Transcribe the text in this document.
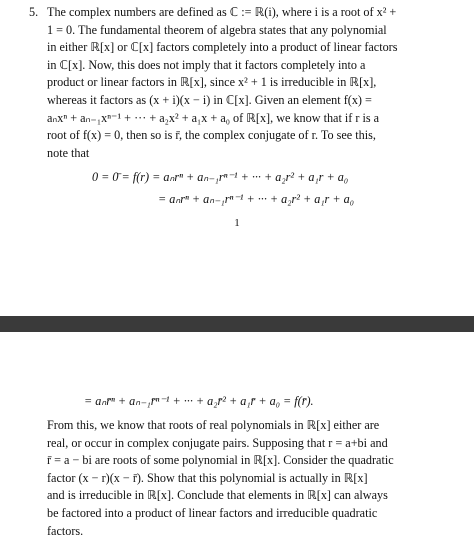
5. The complex numbers are defined as ℂ := ℝ(i), where i is a root of x² +
1 = 0. The fundamental theorem of algebra states that any polynomial
in either ℝ[x] or ℂ[x] factors completely into a product of linear factors
in ℂ[x]. Now, this does not imply that it factors completely into a
product or linear factors in ℝ[x], since x² + 1 is irreducible in ℝ[x],
whereas it factors as (x + i)(x − i) in ℂ[x]. Given an element f(x) =
aₙxⁿ + aₙ₋₁xⁿ⁻¹ + ··· + a₂x² + a₁x + a₀ of ℝ[x], we know that if r is a
root of f(x) = 0, then so is r̄, the complex conjugate of r. To see this,
note that
0 = 0̄ = f(r) = aₙrⁿ + aₙ₋₁rⁿ⁻¹ + ··· + a₂r² + a₁r + a₀
= aₙrⁿ + aₙ₋₁rⁿ⁻¹ + ··· + a₂r² + a₁r + a₀
1
= aₙr̄ⁿ + aₙ₋₁r̄ⁿ⁻¹ + ··· + a₂r̄² + a₁r̄ + a₀ = f(r̄).
From this, we know that roots of real polynomials in ℝ[x] either are
real, or occur in complex conjugate pairs. Supposing that r = a+bi and
r̄ = a − bi are roots of some polynomial in ℝ[x]. Consider the quadratic
factor (x − r)(x − r̄). Show that this polynomial is actually in ℝ[x]
and is irreducible in ℝ[x]. Conclude that elements in ℝ[x] can always
be factored into a product of linear factors and irreducible quadratic
factors.
